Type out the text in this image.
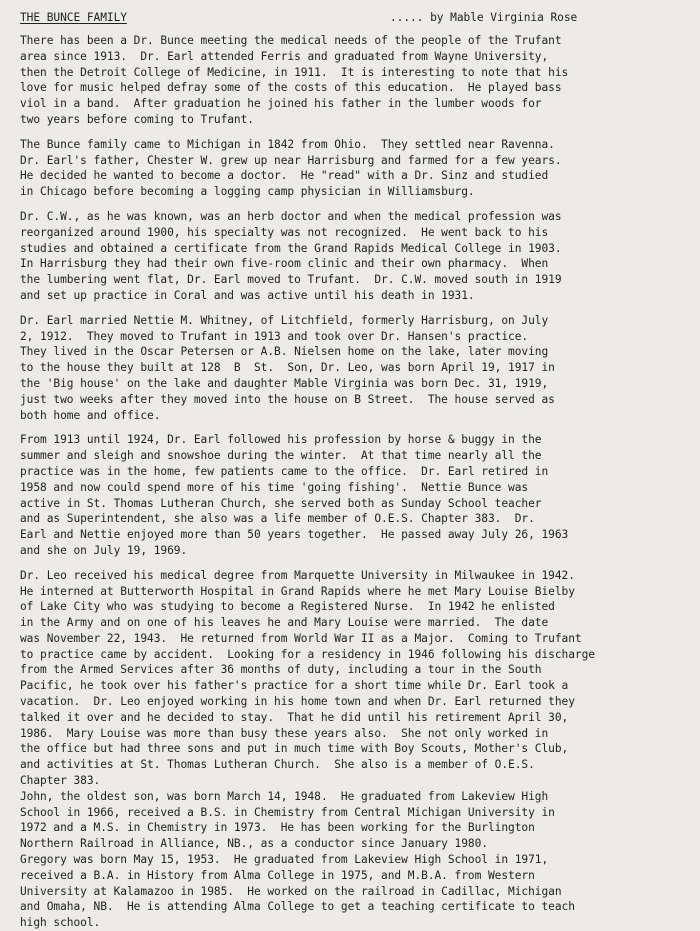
THE BUNCE FAMILY	..... by Mable Virginia Rose
There has been a Dr. Bunce meeting the medical needs of the people of the Trufant
area since 1913.  Dr. Earl attended Ferris and graduated from Wayne University,
then the Detroit College of Medicine, in 1911.  It is interesting to note that his
love for music helped defray some of the costs of this education.  He played bass
viol in a band.  After graduation he joined his father in the lumber woods for
two years before coming to Trufant.
The Bunce family came to Michigan in 1842 from Ohio.  They settled near Ravenna.
Dr. Earl's father, Chester W. grew up near Harrisburg and farmed for a few years.
He decided he wanted to become a doctor.  He "read" with a Dr. Sinz and studied
in Chicago before becoming a logging camp physician in Williamsburg.
Dr. C.W., as he was known, was an herb doctor and when the medical profession was
reorganized around 1900, his specialty was not recognized.  He went back to his
studies and obtained a certificate from the Grand Rapids Medical College in 1903.
In Harrisburg they had their own five-room clinic and their own pharmacy.  When
the lumbering went flat, Dr. Earl moved to Trufant.  Dr. C.W. moved south in 1919
and set up practice in Coral and was active until his death in 1931.
Dr. Earl married Nettie M. Whitney, of Litchfield, formerly Harrisburg, on July
2, 1912.  They moved to Trufant in 1913 and took over Dr. Hansen's practice.
They lived in the Oscar Petersen or A.B. Nielsen home on the lake, later moving
to the house they built at 128  B  St.  Son, Dr. Leo, was born April 19, 1917 in
the 'Big house' on the lake and daughter Mable Virginia was born Dec. 31, 1919,
just two weeks after they moved into the house on B Street.  The house served as
both home and office.
From 1913 until 1924, Dr. Earl followed his profession by horse & buggy in the
summer and sleigh and snowshoe during the winter.  At that time nearly all the
practice was in the home, few patients came to the office.  Dr. Earl retired in
1958 and now could spend more of his time 'going fishing'.  Nettie Bunce was
active in St. Thomas Lutheran Church, she served both as Sunday School teacher
and as Superintendent, she also was a life member of O.E.S. Chapter 383.  Dr.
Earl and Nettie enjoyed more than 50 years together.  He passed away July 26, 1963
and she on July 19, 1969.
Dr. Leo received his medical degree from Marquette University in Milwaukee in 1942.
He interned at Butterworth Hospital in Grand Rapids where he met Mary Louise Bielby
of Lake City who was studying to become a Registered Nurse.  In 1942 he enlisted
in the Army and on one of his leaves he and Mary Louise were married.  The date
was November 22, 1943.  He returned from World War II as a Major.  Coming to Trufant
to practice came by accident.  Looking for a residency in 1946 following his discharge
from the Armed Services after 36 months of duty, including a tour in the South
Pacific, he took over his father's practice for a short time while Dr. Earl took a
vacation.  Dr. Leo enjoyed working in his home town and when Dr. Earl returned they
talked it over and he decided to stay.  That he did until his retirement April 30,
1986.  Mary Louise was more than busy these years also.  She not only worked in
the office but had three sons and put in much time with Boy Scouts, Mother's Club,
and activities at St. Thomas Lutheran Church.  She also is a member of O.E.S.
Chapter 383.
John, the oldest son, was born March 14, 1948.  He graduated from Lakeview High
School in 1966, received a B.S. in Chemistry from Central Michigan University in
1972 and a M.S. in Chemistry in 1973.  He has been working for the Burlington
Northern Railroad in Alliance, NB., as a conductor since January 1980.
Gregory was born May 15, 1953.  He graduated from Lakeview High School in 1971,
received a B.A. in History from Alma College in 1975, and M.B.A. from Western
University at Kalamazoo in 1985.  He worked on the railroad in Cadillac, Michigan
and Omaha, NB.  He is attending Alma College to get a teaching certificate to teach
high school.
